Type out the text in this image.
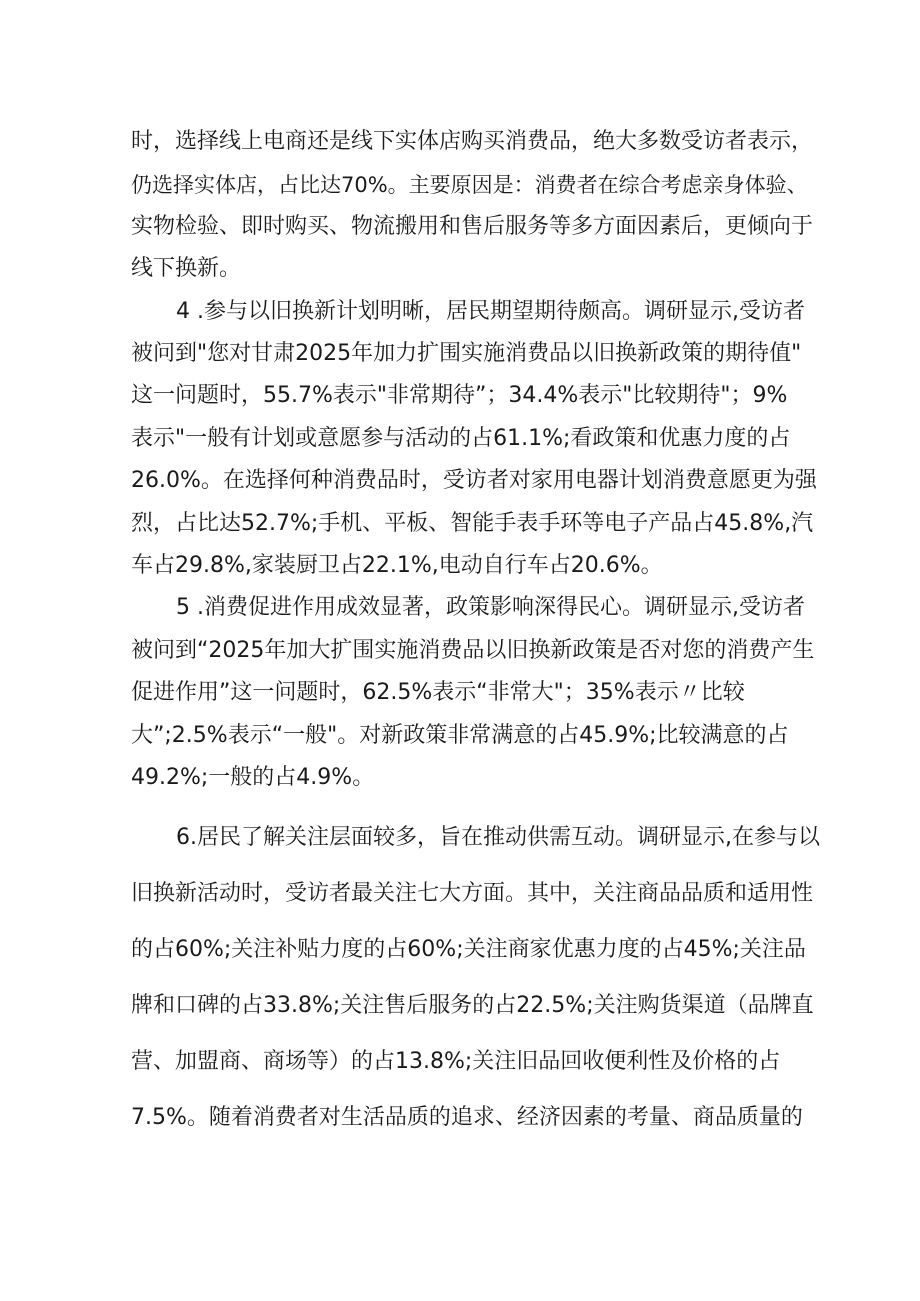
时，选择线上电商还是线下实体店购买消费品，绝大多数受访者表示，
仍选择实体店，占比达70%。主要原因是：消费者在综合考虑亲身体验、
实物检验、即时购买、物流搬用和售后服务等多方面因素后，更倾向于
线下换新。
4 .参与以旧换新计划明晰，居民期望期待颇高。调研显示,受访者
被问到"您对甘肃2025年加力扩围实施消费品以旧换新政策的期待值"
这一问题时，55.7%表示"非常期待”；34.4%表示"比较期待"；9%
表示"一般有计划或意愿参与活动的占61.1%;看政策和优惠力度的占
26.0%。在选择何种消费品时，受访者对家用电器计划消费意愿更为强
烈，占比达52.7%;手机、平板、智能手表手环等电子产品占45.8%,汽
车占29.8%,家装厨卫占22.1%,电动自行车占20.6%。
5 .消费促进作用成效显著，政策影响深得民心。调研显示,受访者
被问到“2025年加大扩围实施消费品以旧换新政策是否对您的消费产生
促进作用”这一问题时，62.5%表示“非常大"；35%表示〃比较
大”;2.5%表示“一般"。对新政策非常满意的占45.9%;比较满意的占
49.2%;一般的占4.9%。
6.居民了解关注层面较多，旨在推动供需互动。调研显示,在参与以
旧换新活动时，受访者最关注七大方面。其中，关注商品品质和适用性
的占60%;关注补贴力度的占60%;关注商家优惠力度的占45%;关注品
牌和口碑的占33.8%;关注售后服务的占22.5%;关注购货渠道（品牌直
营、加盟商、商场等）的占13.8%;关注旧品回收便利性及价格的占
7.5%。随着消费者对生活品质的追求、经济因素的考量、商品质量的
